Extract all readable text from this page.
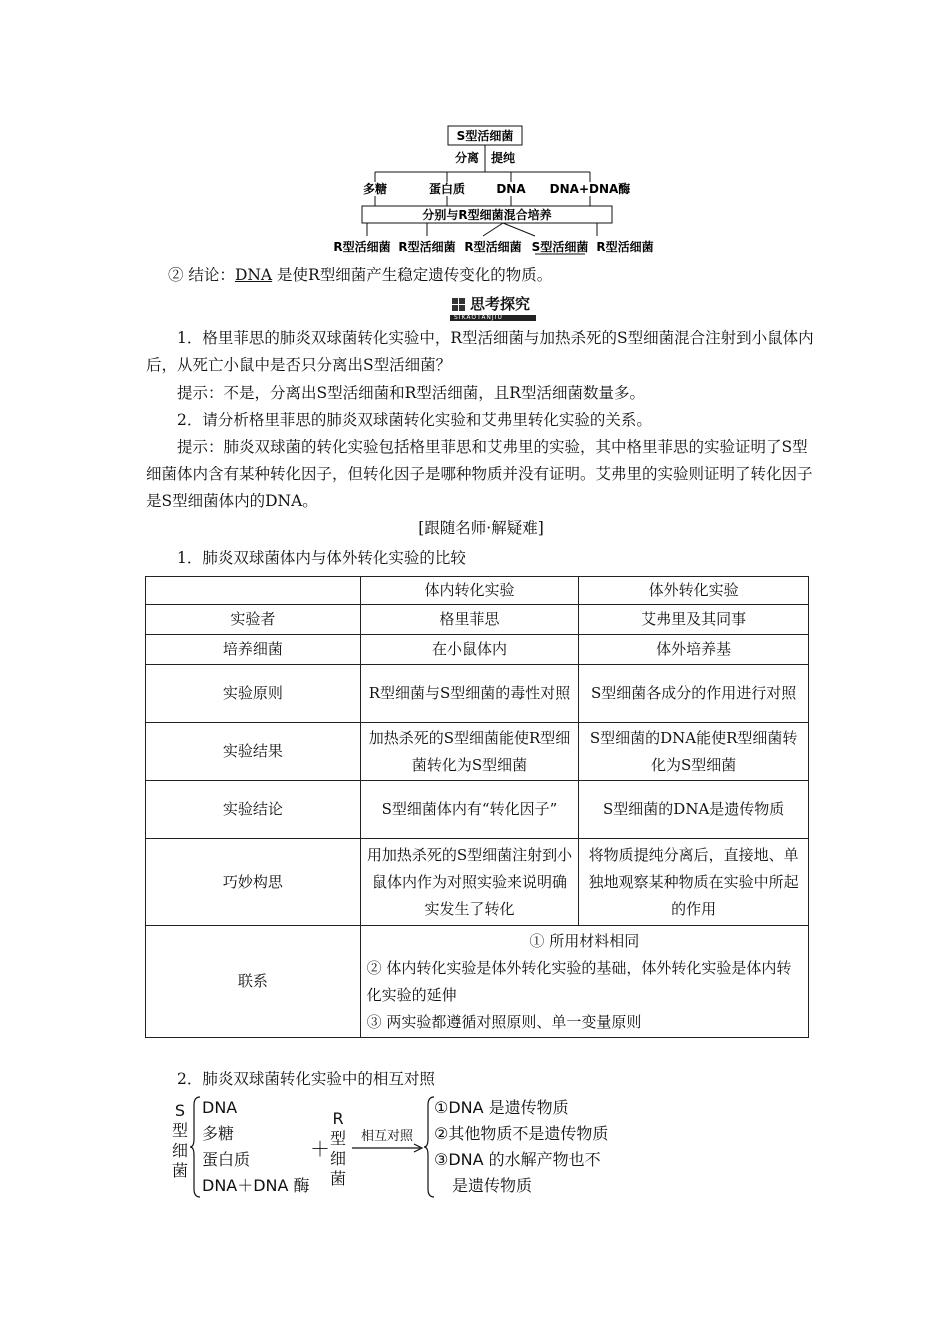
S型活细菌
分离 提纯
多糖	蛋白质	DNA DNA+DNA酶
分别与R型细菌混合培养
R型活细菌 R型活细菌 R型活细菌 S型活细菌 R型活细菌
② 结论：DNA 是使R型细菌产生稳定遗传变化的物质。
思考探究
SIKAOTANJIU
1．格里菲思的肺炎双球菌转化实验中，R型活细菌与加热杀死的S型细菌混合注射到小鼠体内后，从死亡小鼠中是否只分离出S型活细菌？
提示：不是，分离出S型活细菌和R型活细菌，且R型活细菌数量多。
2．请分析格里菲思的肺炎双球菌转化实验和艾弗里转化实验的关系。
提示：肺炎双球菌的转化实验包括格里菲思和艾弗里的实验，其中格里菲思的实验证明了S型细菌体内含有某种转化因子，但转化因子是哪种物质并没有证明。艾弗里的实验则证明了转化因子是S型细菌体内的DNA。
[跟随名师·解疑难]
1．肺炎双球菌体内与体外转化实验的比较
	体内转化实验	体外转化实验
实验者	格里菲思	艾弗里及其同事
培养细菌	在小鼠体内	体外培养基
实验原则	R型细菌与S型细菌的毒性对照	S型细菌各成分的作用进行对照
实验结果	加热杀死的S型细菌能使R型细菌转化为S型细菌	S型细菌的DNA能使R型细菌转化为S型细菌
实验结论	S型细菌体内有“转化因子”	S型细菌的DNA是遗传物质
巧妙构思	用加热杀死的S型细菌注射到小鼠体内作为对照实验来说明确实发生了转化	将物质提纯分离后，直接地、单独地观察某种物质在实验中所起的作用
联系	① 所用材料相同
② 体内转化实验是体外转化实验的基础，体外转化实验是体内转化实验的延伸
③ 两实验都遵循对照原则、单一变量原则	
2．肺炎双球菌转化实验中的相互对照
S
型
细
菌
DNA
多糖
蛋白质
DNA＋DNA 酶
＋
R
型
细
菌
相互对照
①DNA 是遗传物质
②其他物质不是遗传物质
③DNA 的水解产物也不
是遗传物质
